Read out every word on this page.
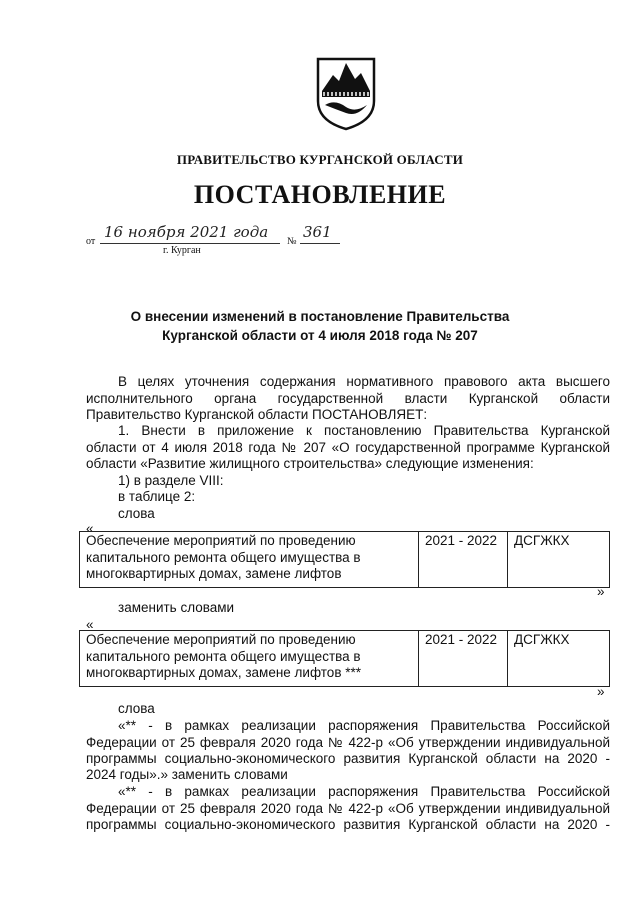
ПРАВИТЕЛЬСТВО КУРГАНСКОЙ ОБЛАСТИ
ПОСТАНОВЛЕНИЕ
от
16 ноября 2021 года
№
361
г. Курган
О внесении изменений в постановление Правительства
Курганской области от 4 июля 2018 года № 207
В целях уточнения содержания нормативного правового акта высшего
исполнительного органа государственной власти Курганской области
Правительство Курганской области ПОСТАНОВЛЯЕТ:
1. Внести в приложение к постановлению Правительства Курганской
области от 4 июля 2018 года № 207 «О государственной программе Курганской
области «Развитие жилищного строительства» следующие изменения:
1) в разделе VIII:
в таблице 2:
слова
«
Обеспечение мероприятий по проведению
капитального ремонта общего имущества в
многоквартирных домах, замене лифтов
	2021 - 2022	ДСГЖКХ
»
заменить словами
«
Обеспечение мероприятий по проведению
капитального ремонта общего имущества в
многоквартирных домах, замене лифтов ***
	2021 - 2022	ДСГЖКХ
»
слова
«** - в рамках реализации распоряжения Правительства Российской
Федерации от 25 февраля 2020 года № 422-р «Об утверждении индивидуальной
программы социально-экономического развития Курганской области на 2020 -
2024 годы».» заменить словами
«** - в рамках реализации распоряжения Правительства Российской
Федерации от 25 февраля 2020 года № 422-р «Об утверждении индивидуальной
программы социально-экономического развития Курганской области на 2020 -
